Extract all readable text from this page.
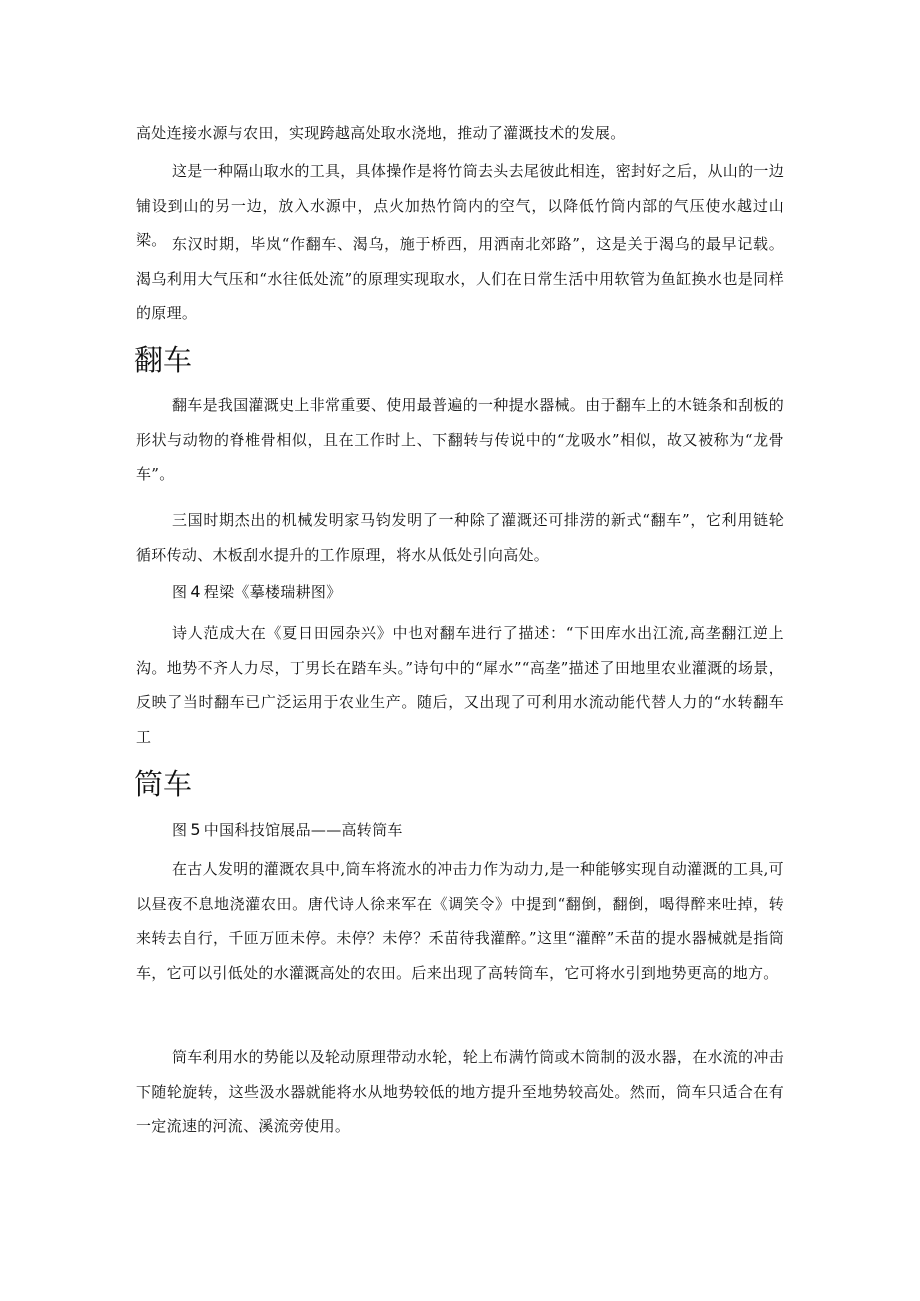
高处连接水源与农田，实现跨越高处取水浇地，推动了灌溉技术的发展。

这是一种隔山取水的工具，具体操作是将竹筒去头去尾彼此相连，密封好之后，从山的一边铺设到山的另一边，放入水源中，点火加热竹筒内的空气，以降低竹筒内部的气压使水越过山梁。 东汉时期，毕岚“作翻车、渴乌，施于桥西，用洒南北郊路”，这是关于渴乌的最早记载。渴乌利用大气压和“水往低处流”的原理实现取水，人们在日常生活中用软管为鱼缸换水也是同样的原理。

翻车

翻车是我国灌溉史上非常重要、使用最普遍的一种提水器械。由于翻车上的木链条和刮板的形状与动物的脊椎骨相似，且在工作时上、下翻转与传说中的“龙吸水”相似，故又被称为“龙骨车”。

三国时期杰出的机械发明家马钧发明了一种除了灌溉还可排涝的新式“翻车”，它利用链轮循环传动、木板刮水提升的工作原理，将水从低处引向高处。

图 4 程梁《摹楼瑞耕图》

诗人范成大在《夏日田园杂兴》中也对翻车进行了描述：“下田库水出江流,高垄翻江逆上沟。地势不齐人力尽，丁男长在踏车头。”诗句中的“犀水”“高垄”描述了田地里农业灌溉的场景，反映了当时翻车已广泛运用于农业生产。随后，又出现了可利用水流动能代替人力的“水转翻车工

筒车
图 5 中国科技馆展品——高转筒车

在古人发明的灌溉农具中,筒车将流水的冲击力作为动力,是一种能够实现自动灌溉的工具,可以昼夜不息地浇灌农田。唐代诗人徐来军在《调笑令》中提到“翻倒，翻倒，喝得醉来吐掉，转来转去自行，千匝万匝未停。未停？未停？禾苗待我灌醉。”这里“灌醉”禾苗的提水器械就是指筒车，它可以引低处的水灌溉高处的农田。后来出现了高转筒车，它可将水引到地势更高的地方。

筒车利用水的势能以及轮动原理带动水轮，轮上布满竹筒或木筒制的汲水器，在水流的冲击下随轮旋转，这些汲水器就能将水从地势较低的地方提升至地势较高处。然而，筒车只适合在有一定流速的河流、溪流旁使用。
